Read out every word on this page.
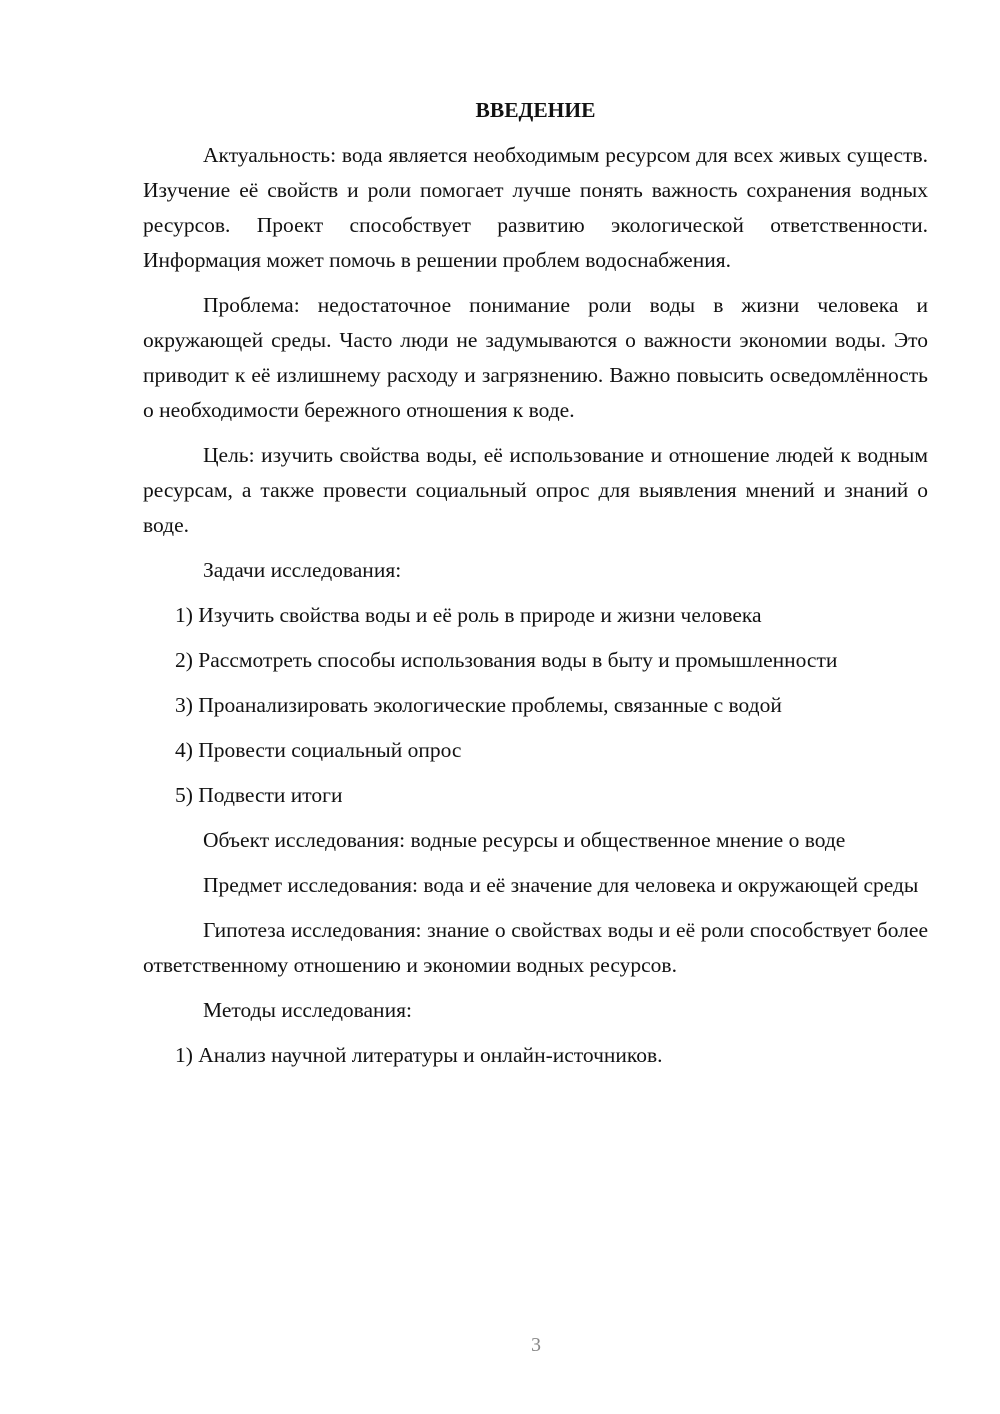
ВВЕДЕНИЕ

Актуальность: вода является необходимым ресурсом для всех живых существ. Изучение её свойств и роли помогает лучше понять важность сохранения водных ресурсов. Проект способствует развитию экологической ответственности. Информация может помочь в решении проблем водоснабжения.

Проблема: недостаточное понимание роли воды в жизни человека и окружающей среды. Часто люди не задумываются о важности экономии воды. Это приводит к её излишнему расходу и загрязнению. Важно повысить осведомлённость о необходимости бережного отношения к воде.

Цель: изучить свойства воды, её использование и отношение людей к водным ресурсам, а также провести социальный опрос для выявления мнений и знаний о воде.

Задачи исследования:

1) Изучить свойства воды и её роль в природе и жизни человека

2) Рассмотреть способы использования воды в быту и промышленности

3) Проанализировать экологические проблемы, связанные с водой

4) Провести социальный опрос

5) Подвести итоги

Объект исследования: водные ресурсы и общественное мнение о воде

Предмет исследования: вода и её значение для человека и окружающей среды

Гипотеза исследования: знание о свойствах воды и её роли способствует более ответственному отношению и экономии водных ресурсов.

Методы исследования:

1) Анализ научной литературы и онлайн-источников.

3
